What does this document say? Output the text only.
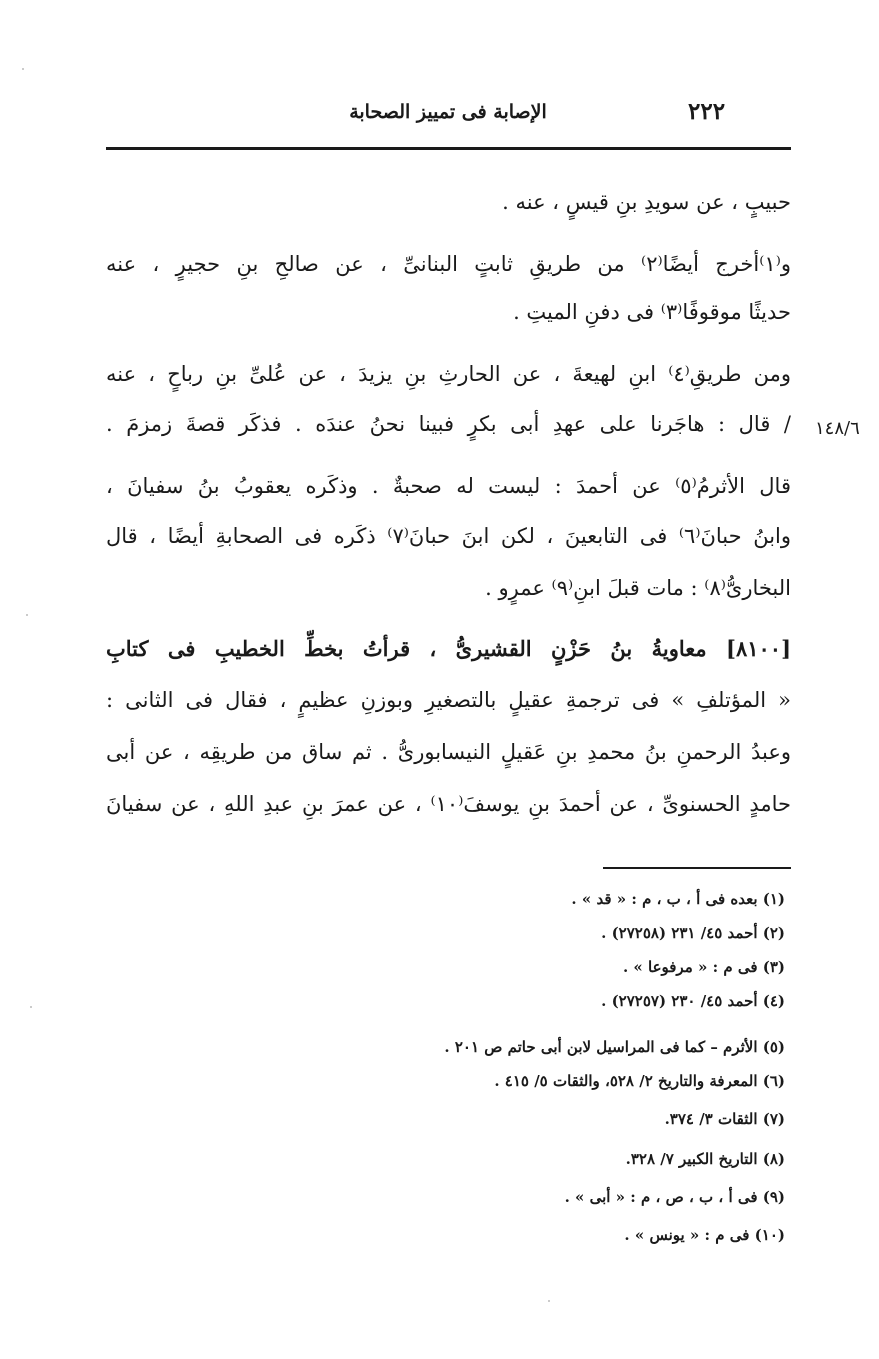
٢٢٢
الإصابة فى تمييز الصحابة
حبيبٍ ، عن سويدِ بنِ قيسٍ ، عنه .
و⁽١⁾أخرج أيضًا⁽٢⁾ من طريقِ ثابتٍ البنانىِّ ، عن صالحِ بنِ حجيرٍ ، عنه
حديثًا موقوفًا⁽٣⁾ فى دفنِ الميتِ .
ومن طريقِ⁽٤⁾ ابنِ لهيعةَ ، عن الحارثِ بنِ يزيدَ ، عن عُلىِّ بنِ رباحٍ ، عنه
/ قال : هاجَرنا على عهدِ أبى بكرٍ فبينا نحنُ عندَه . فذكَر قصةَ زمزمَ . ١٤٨/٦
قال الأثرمُ⁽٥⁾ عن أحمدَ : ليست له صحبةٌ . وذكَره يعقوبُ بنُ سفيانَ ،
وابنُ حبانَ⁽٦⁾ فى التابعينَ ، لكن ابنَ حبانَ⁽٧⁾ ذكَره فى الصحابةِ أيضًا ، قال
البخارىُّ⁽٨⁾ : مات قبلَ ابنِ⁽٩⁾ عمرٍو .
[٨١٠٠] معاويةُ بنُ حَزْنٍ القشيرىُّ ، قرأتُ بخطِّ الخطيبِ فى كتابِ
« المؤتلفِ » فى ترجمةِ عقيلٍ بالتصغيرِ وبوزنِ عظيمٍ ، فقال فى الثانى :
وعبدُ الرحمنِ بنُ محمدِ بنِ عَقيلٍ النيسابورىُّ . ثم ساق من طريقِه ، عن أبى
حامدٍ الحسنوىِّ ، عن أحمدَ بنِ يوسفَ⁽١٠⁾ ، عن عمرَ بنِ عبدِ اللهِ ، عن سفيانَ
(١) بعده فى أ ، ب ، م : « قد » .
(٢) أحمد ٤٥/ ٢٣١ (٢٧٢٥٨) .
(٣) فى م : « مرفوعا » .
(٤) أحمد ٤٥/ ٢٣٠ (٢٧٢٥٧) .
(٥) الأثرم – كما فى المراسيل لابن أبى حاتم ص ٢٠١ .
(٦) المعرفة والتاريخ ٢/ ٥٢٨، والثقات ٥/ ٤١٥ .
(٧) الثقات ٣/ ٣٧٤.
(٨) التاريخ الكبير ٧/ ٣٢٨.
(٩) فى أ ، ب ، ص ، م : « أبى » .
(١٠) فى م : « يونس » .
